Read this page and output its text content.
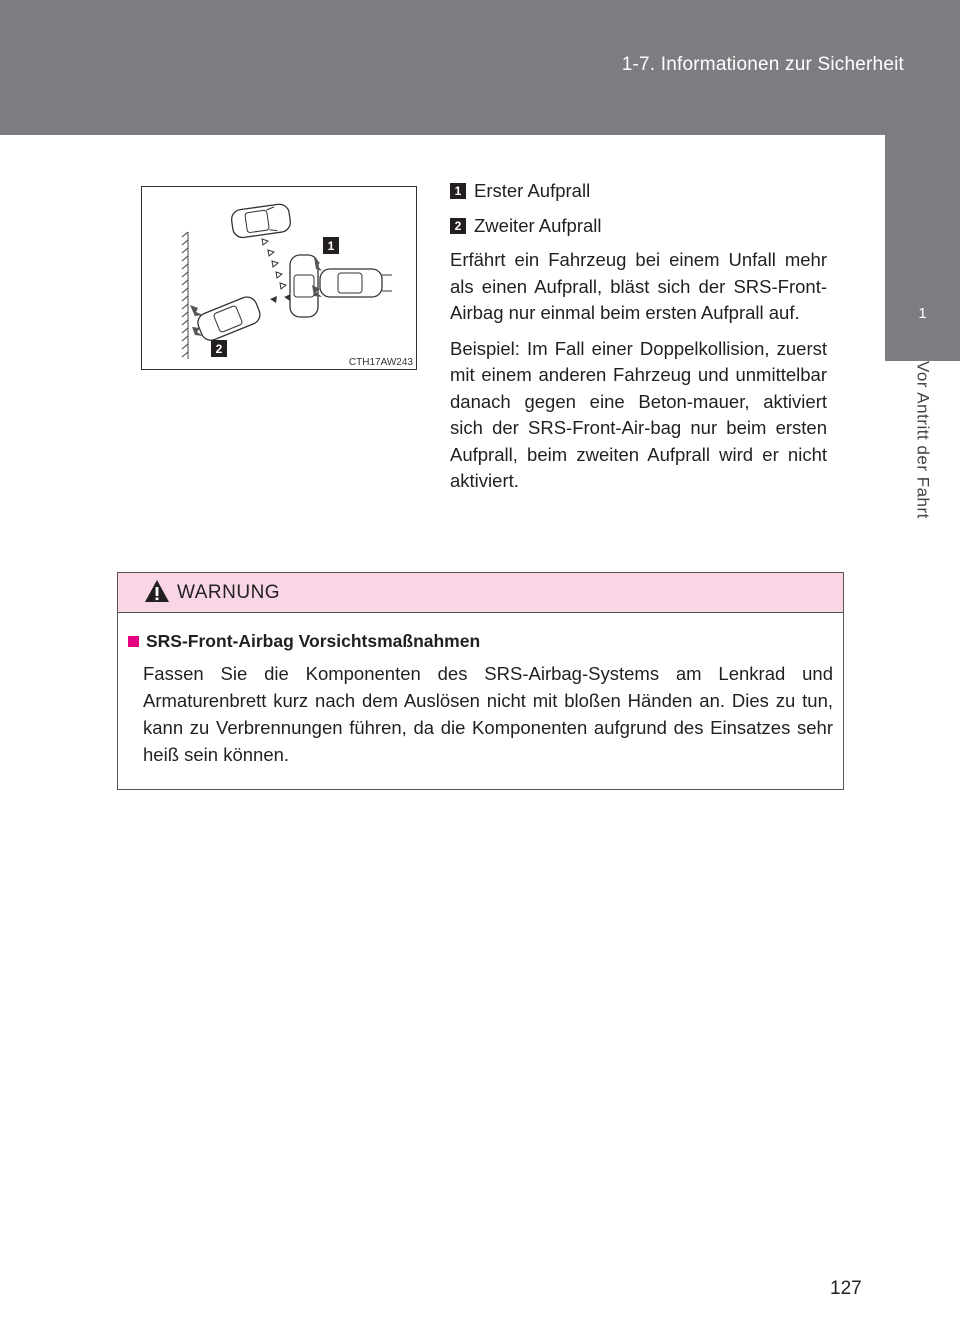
1-7. Informationen zur Sicherheit
1
Vor Antritt der Fahrt
1
2
CTH17AW243
1 Erster Aufprall
2 Zweiter Aufprall

Erfährt ein Fahrzeug bei einem Unfall mehr als einen Aufprall, bläst sich der SRS-Front-Airbag nur einmal beim ersten Aufprall auf.

Beispiel: Im Fall einer Doppelkollision, zuerst mit einem anderen Fahrzeug und unmittelbar danach gegen eine Beton-mauer, aktiviert sich der SRS-Front-Air-bag nur beim ersten Aufprall, beim zweiten Aufprall wird er nicht aktiviert.

WARNUNG
SRS-Front-Airbag Vorsichtsmaßnahmen
Fassen Sie die Komponenten des SRS-Airbag-Systems am Lenkrad und Armaturenbrett kurz nach dem Auslösen nicht mit bloßen Händen an. Dies zu tun, kann zu Verbrennungen führen, da die Komponenten aufgrund des Einsatzes sehr heiß sein können.
127
